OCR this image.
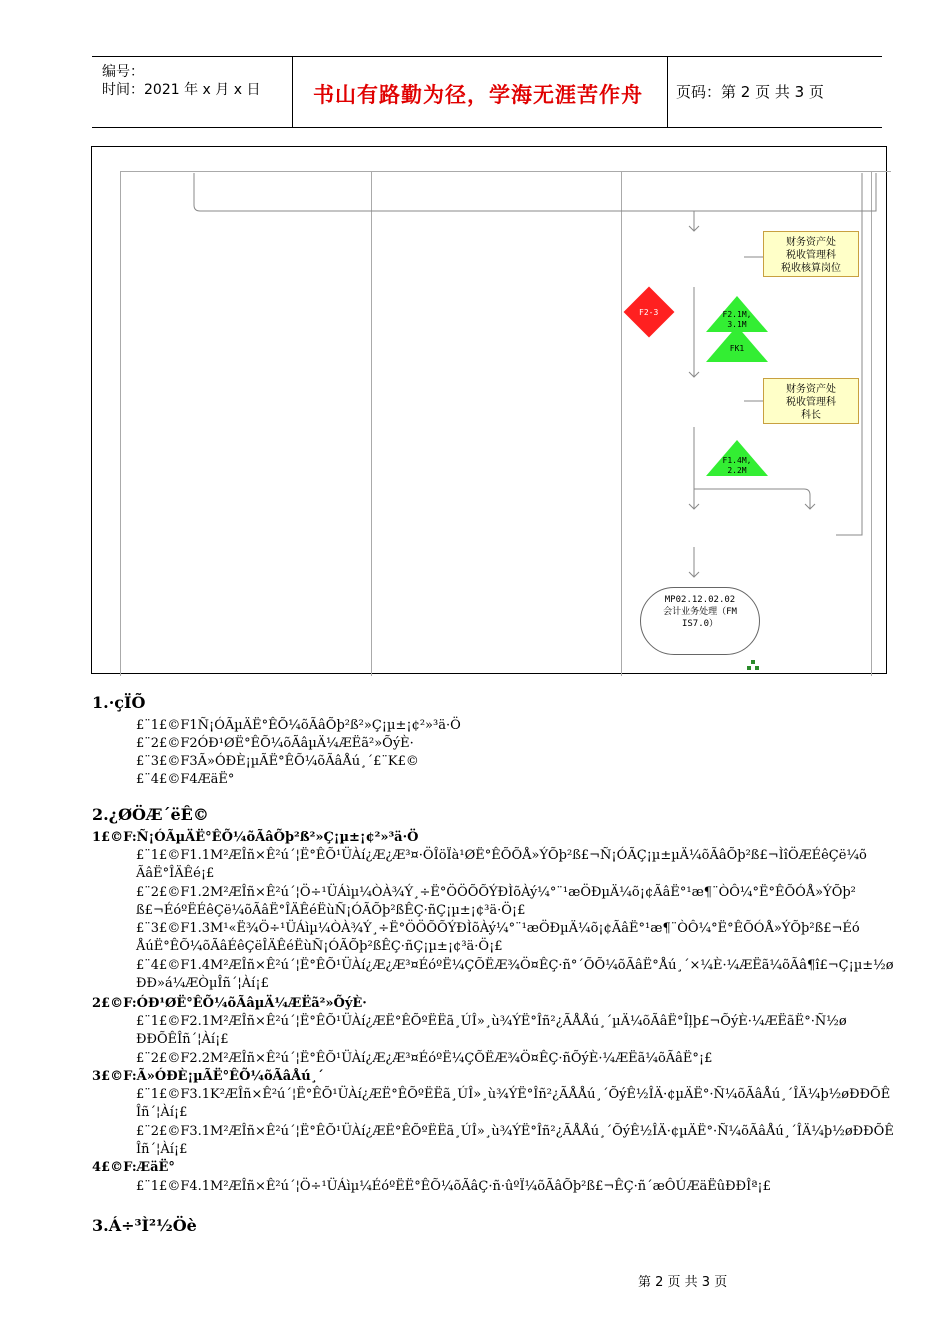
编号：
时间：2021 年 x 月 x 日	书山有路勤为径，学海无涯苦作舟 页码：第 2 页 共 3 页
财务资产处
税收管理科
税收核算岗位
财务资产处
税收管理科
科长
F2-3	F2.1M,
3.1M
FK1
F1.4M,
2.2M
MP02.12.02.02
会计业务处理（FM
IS7.0）
1.·çÏÕ
£¨1£©F1Ñ¡ÓÃµÄË°ÊÕ¼õÃâÕþ²ß²»Ç¡µ±¡¢²»³ä·Ö
£¨2£©F2ÓÐ¹ØË°ÊÕ¼õÃâµÄ¼ÆËã²»ÕýÈ·
£¨3£©F3Ã»ÓÐÈ¡µÃË°ÊÕ¼õÃâÅú¸´£¨K£©
£¨4£©F4ÆäË°
2.¿ØÖÆ´ëÊ©
1£©F:Ñ¡ÓÃµÄË°ÊÕ¼õÃâÕþ²ß²»Ç¡µ±¡¢²»³ä·Ö
£¨1£©F1.1M²ÆÎñ×Ê²ú´¦Ë°ÊÕ¹ÜÀí¿Æ¿Æ³¤·ÖÎöÏà¹ØË°ÊÕÕÅ»ÝÕþ²ß£¬Ñ¡ÓÃÇ¡µ±µÄ¼õÃâÕþ²ß£¬ÌîÖÆÉêÇë¼õ
ÃâË°ÎÄÊé¡£
£¨2£©F1.2M²ÆÎñ×Ê²ú´¦Ö÷¹ÜÁìµ¼ÒÀ¾Ý¸÷Ë°ÖÖÕÕÝÐÌõÀý¼°¨¹æÖÐµÄ¼õ¡¢ÃâË°¹æ¶¨ÒÔ¼°Ë°ÊÕÓÅ»ÝÕþ²
ß£¬ÉóºËÉêÇë¼õÃâË°ÎÄÊéËùÑ¡ÓÃÕþ²ßÊÇ·ñÇ¡µ±¡¢³ä·Ö¡£
£¨3£©F1.3M¹«Ë¾Ö÷¹ÜÁìµ¼ÒÀ¾Ý¸÷Ë°ÖÖÕÕÝÐÌõÀý¼°¨¹æÖÐµÄ¼õ¡¢ÃâË°¹æ¶¨ÒÔ¼°Ë°ÊÕÓÅ»ÝÕþ²ß£¬Éó
ÅúË°ÊÕ¼õÃâÉêÇëÎÄÊéËùÑ¡ÓÃÕþ²ßÊÇ·ñÇ¡µ±¡¢³ä·Ö¡£
£¨4£©F1.4M²ÆÎñ×Ê²ú´¦Ë°ÊÕ¹ÜÀí¿Æ¿Æ³¤ÉóºË¼ÇÕËÆ¾Ö¤ÊÇ·ñ°´ÕÕ¼õÃâË°Åú¸´×¼È·¼ÆËã¼õÃâ¶î£¬Ç¡µ±½ø
ÐÐ»á¼ÆÒµÎñ´¦Àí¡£
2£©F:ÓÐ¹ØË°ÊÕ¼õÃâµÄ¼ÆËã²»ÕýÈ·
£¨1£©F2.1M²ÆÎñ×Ê²ú´¦Ë°ÊÕ¹ÜÀí¿ÆË°ÊÕºËËã¸ÚÎ»¸ù¾ÝË°Îñ²¿ÃÅÅú¸´µÄ¼õÃâË°Îļþ£¬ÕýÈ·¼ÆËãË°·Ñ½ø
ÐÐÕÊÎñ´¦Àí¡£
£¨2£©F2.2M²ÆÎñ×Ê²ú´¦Ë°ÊÕ¹ÜÀí¿Æ¿Æ³¤ÉóºË¼ÇÕËÆ¾Ö¤ÊÇ·ñÕýÈ·¼ÆËã¼õÃâË°¡£
3£©F:Ã»ÓÐÈ¡µÃË°ÊÕ¼õÃâÅú¸´
£¨1£©F3.1K²ÆÎñ×Ê²ú´¦Ë°ÊÕ¹ÜÀí¿ÆË°ÊÕºËËã¸ÚÎ»¸ù¾ÝË°Îñ²¿ÃÅÅú¸´ÕýÊ½ÎÄ·¢µÄË°·Ñ¼õÃâÅú¸´ÎÄ¼þ½øÐÐÕÊ
Îñ´¦Àí¡£
£¨2£©F3.1M²ÆÎñ×Ê²ú´¦Ë°ÊÕ¹ÜÀí¿ÆË°ÊÕºËËã¸ÚÎ»¸ù¾ÝË°Îñ²¿ÃÅÅú¸´ÕýÊ½ÎÄ·¢µÄË°·Ñ¼õÃâÅú¸´ÎÄ¼þ½øÐÐÕÊ
Îñ´¦Àí¡£
4£©F:ÆäË°
£¨1£©F4.1M²ÆÎñ×Ê²ú´¦Ö÷¹ÜÁìµ¼ÉóºËË°ÊÕ¼õÃâÇ·ñ·ûºÏ¼õÃâÕþ²ß£¬ÊÇ·ñ´æÔÚÆäËûÐÐÎª¡£
3.Á÷³Ì²½Öè
第 2 页 共 3 页
